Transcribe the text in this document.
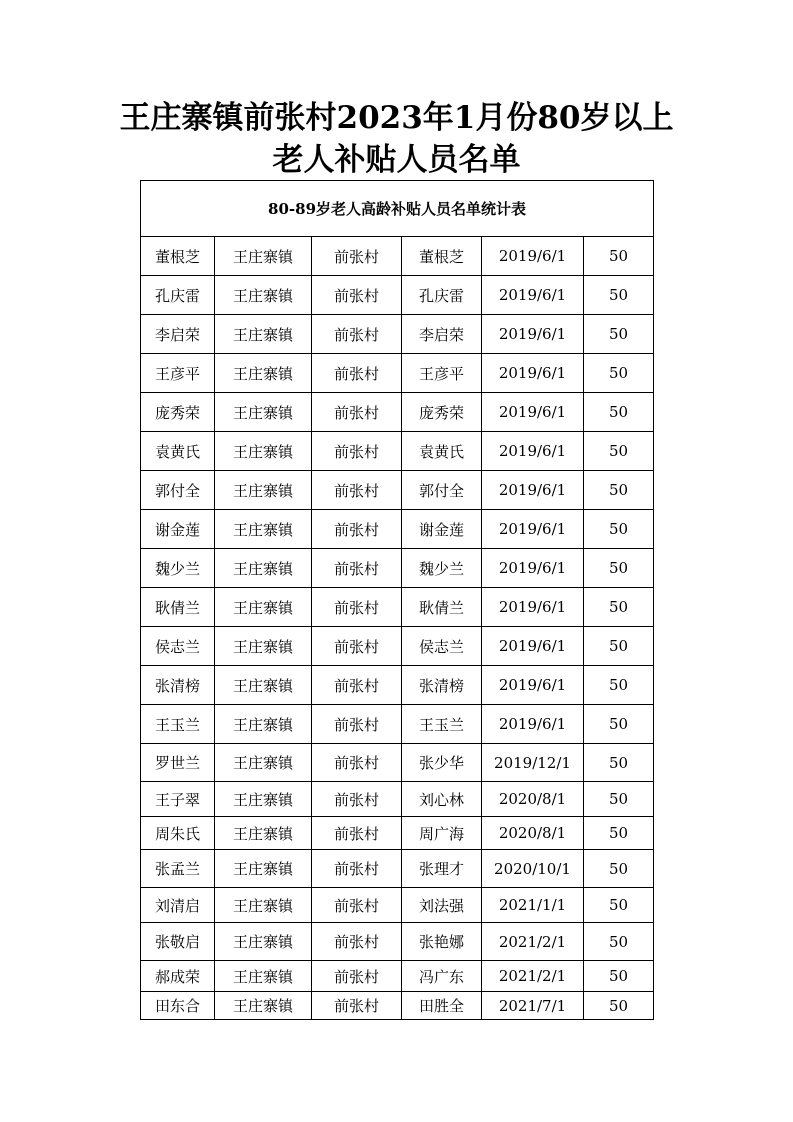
王庄寨镇前张村2023年1月份80岁以上
老人补贴人员名单
80-89岁老人高龄补贴人员名单统计表					
董根芝	王庄寨镇	前张村	董根芝	2019/6/1	50
孔庆雷	王庄寨镇	前张村	孔庆雷	2019/6/1	50
李启荣	王庄寨镇	前张村	李启荣	2019/6/1	50
王彦平	王庄寨镇	前张村	王彦平	2019/6/1	50
庞秀荣	王庄寨镇	前张村	庞秀荣	2019/6/1	50
袁黄氏	王庄寨镇	前张村	袁黄氏	2019/6/1	50
郭付全	王庄寨镇	前张村	郭付全	2019/6/1	50
谢金莲	王庄寨镇	前张村	谢金莲	2019/6/1	50
魏少兰	王庄寨镇	前张村	魏少兰	2019/6/1	50
耿倩兰	王庄寨镇	前张村	耿倩兰	2019/6/1	50
侯志兰	王庄寨镇	前张村	侯志兰	2019/6/1	50
张清榜	王庄寨镇	前张村	张清榜	2019/6/1	50
王玉兰	王庄寨镇	前张村	王玉兰	2019/6/1	50
罗世兰	王庄寨镇	前张村	张少华	2019/12/1	50
王子翠	王庄寨镇	前张村	刘心林	2020/8/1	50
周朱氏	王庄寨镇	前张村	周广海	2020/8/1	50
张孟兰	王庄寨镇	前张村	张理才	2020/10/1	50
刘清启	王庄寨镇	前张村	刘法强	2021/1/1	50
张敬启	王庄寨镇	前张村	张艳娜	2021/2/1	50
郝成荣	王庄寨镇	前张村	冯广东	2021/2/1	50
田东合	王庄寨镇	前张村	田胜全	2021/7/1	50
